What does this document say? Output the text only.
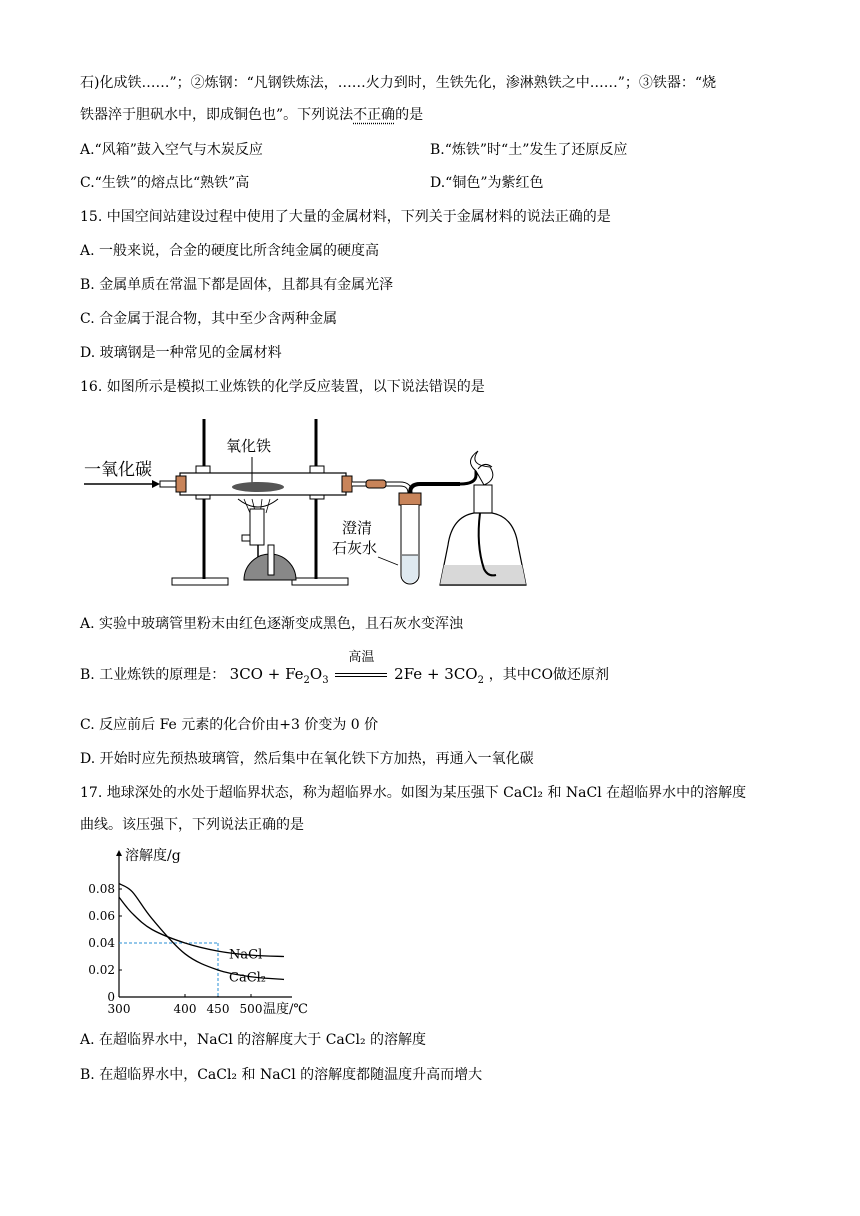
石)化成铁……”；②炼钢：“凡钢铁炼法，……火力到时，生铁先化，渗淋熟铁之中……”；③铁器：“烧
铁器淬于胆矾水中，即成铜色也”。下列说法不正确的是
A.“风箱”鼓入空气与木炭反应	B.“炼铁”时“土”发生了还原反应
C.“生铁”的熔点比“熟铁”高	D.“铜色”为紫红色
15. 中国空间站建设过程中使用了大量的金属材料，下列关于金属材料的说法正确的是
A. 一般来说，合金的硬度比所含纯金属的硬度高
B. 金属单质在常温下都是固体，且都具有金属光泽
C. 合金属于混合物，其中至少含两种金属
D. 玻璃钢是一种常见的金属材料
16. 如图所示是模拟工业炼铁的化学反应装置，以下说法错误的是
一氧化碳
氧化铁
澄清
石灰水
A. 实验中玻璃管里粉末由红色逐渐变成黑色，且石灰水变浑浊
B. 工业炼铁的原理是： $3CO + Fe_2O_3$
高温
$2Fe + 3CO_2$ ，其中CO做还原剂
C. 反应前后 Fe 元素的化合价由+3 价变为 0 价
D. 开始时应先预热玻璃管，然后集中在氧化铁下方加热，再通入一氧化碳
17. 地球深处的水处于超临界状态，称为超临界水。如图为某压强下 CaCl₂ 和 NaCl 在超临界水中的溶解度
曲线。该压强下，下列说法正确的是
0
0.02
0.04
0.06
0.08
300	400 450 500
溶解度/g
温度/℃
NaCl
CaCl₂
A. 在超临界水中，NaCl 的溶解度大于 CaCl₂ 的溶解度
B. 在超临界水中，CaCl₂ 和 NaCl 的溶解度都随温度升高而增大
